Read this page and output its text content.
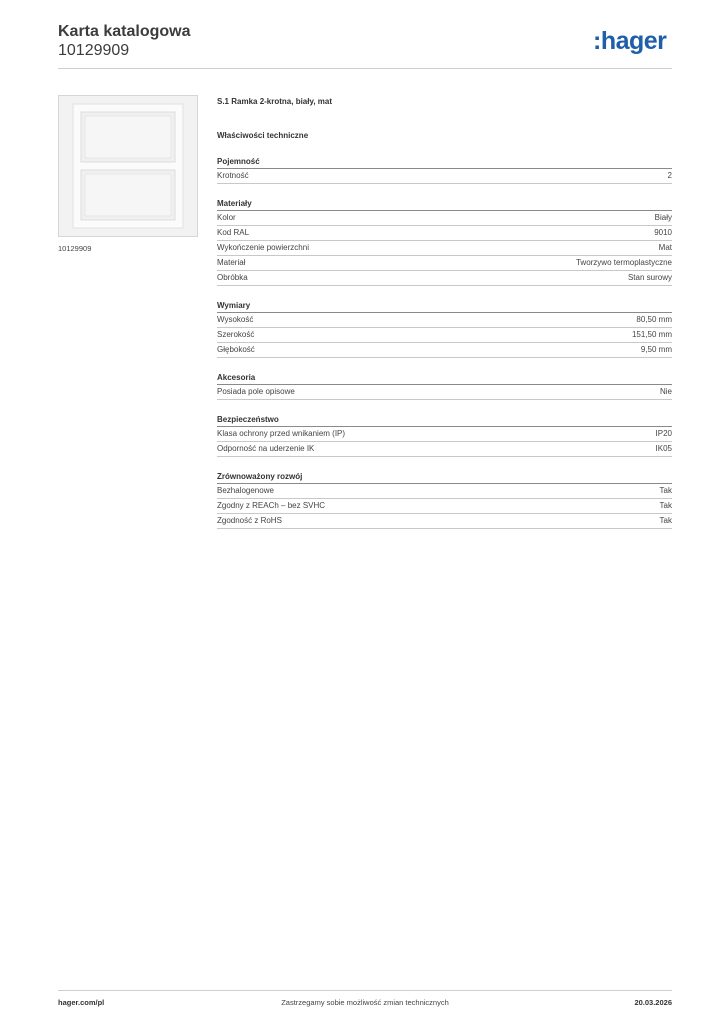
Karta katalogowa
10129909	:hager
10129909
S.1 Ramka 2-krotna, biały, mat
Właściwości techniczne
Pojemność
Krotność	2
Materiały
Kolor	Biały
Kod RAL	9010
Wykończenie powierzchni	Mat
Materiał	Tworzywo termoplastyczne
Obróbka	Stan surowy
Wymiary
Wysokość	80,50 mm
Szerokość	151,50 mm
Głębokość	9,50 mm
Akcesoria
Posiada pole opisowe	Nie
Bezpieczeństwo
Klasa ochrony przed wnikaniem (IP)	IP20
Odporność na uderzenie IK	IK05
Zrównoważony rozwój
Bezhalogenowe	Tak
Zgodny z REACh – bez SVHC	Tak
Zgodność z RoHS	Tak
hager.com/pl	Zastrzegamy sobie możliwość zmian technicznych	20.03.2026
